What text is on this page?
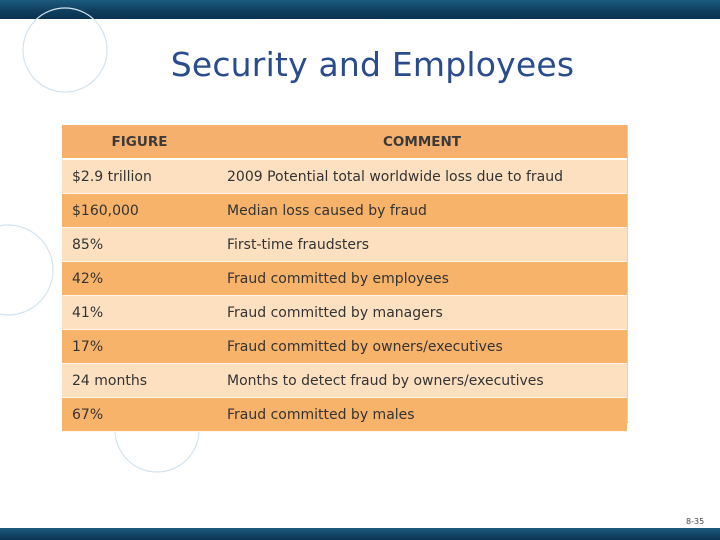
Security and Employees
FIGURE	COMMENT
$2.9 trillion	2009 Potential total worldwide loss due to fraud
$160,000	Median loss caused by fraud
85%	First-time fraudsters
42%	Fraud committed by employees
41%	Fraud committed by managers
17%	Fraud committed by owners/executives
24 months	Months to detect fraud by owners/executives
67%	Fraud committed by males
8-35
